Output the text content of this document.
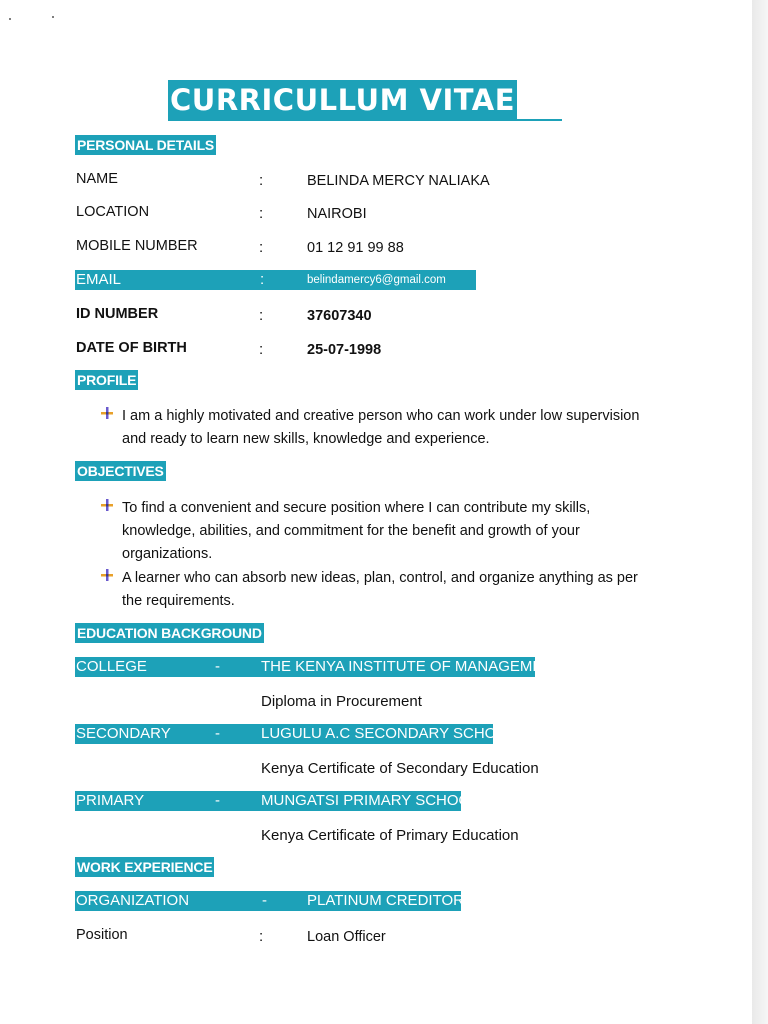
CURRICULLUM VITAE
PERSONAL DETAILS
NAME	:	BELINDA MERCY NALIAKA
LOCATION	:	NAIROBI
MOBILE NUMBER	:	01 12 91 99 88
EMAIL	:	belindamercy6@gmail.com
ID NUMBER	:	37607340
DATE OF BIRTH	:	25-07-1998
PROFILE
I am a highly motivated and creative person who can work under low supervision and ready to learn new skills, knowledge and experience.
OBJECTIVES
To find a convenient and secure position where I can contribute my skills, knowledge, abilities, and commitment for the benefit and growth of your organizations.
A learner who can absorb new ideas, plan, control, and organize anything as per the requirements.
EDUCATION BACKGROUND
COLLEGE	-	THE KENYA INSTITUTE OF MANAGEMENT
Diploma in Procurement
SECONDARY	-	LUGULU A.C SECONDARY SCHOOL
Kenya Certificate of Secondary Education
PRIMARY	-	MUNGATSI PRIMARY SCHOOL
Kenya Certificate of Primary Education
WORK EXPERIENCE
ORGANIZATION	-	PLATINUM CREDITORS
Position	:	Loan Officer
